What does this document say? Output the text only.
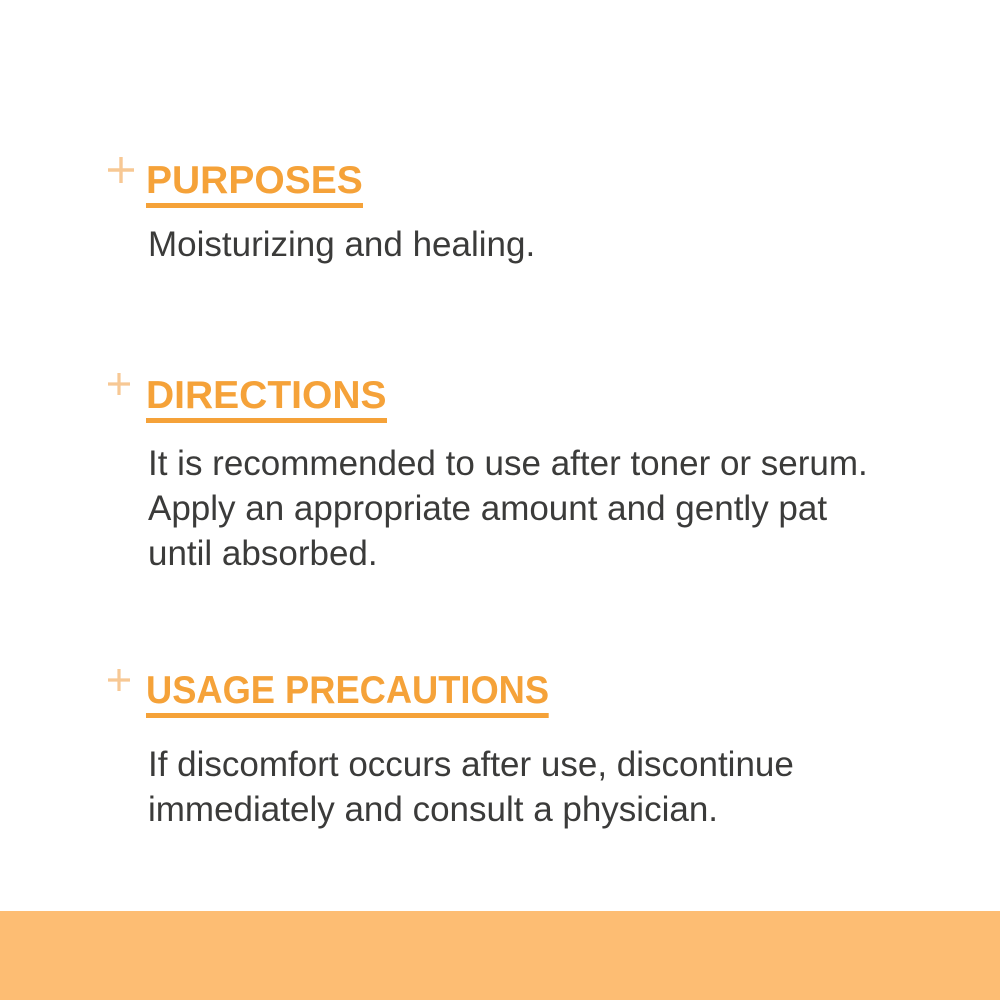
PURPOSES

Moisturizing and healing.

DIRECTIONS

It is recommended to use after toner or serum.
Apply an appropriate amount and gently pat
until absorbed.

USAGE PRECAUTIONS

If discomfort occurs after use, discontinue
immediately and consult a physician.
